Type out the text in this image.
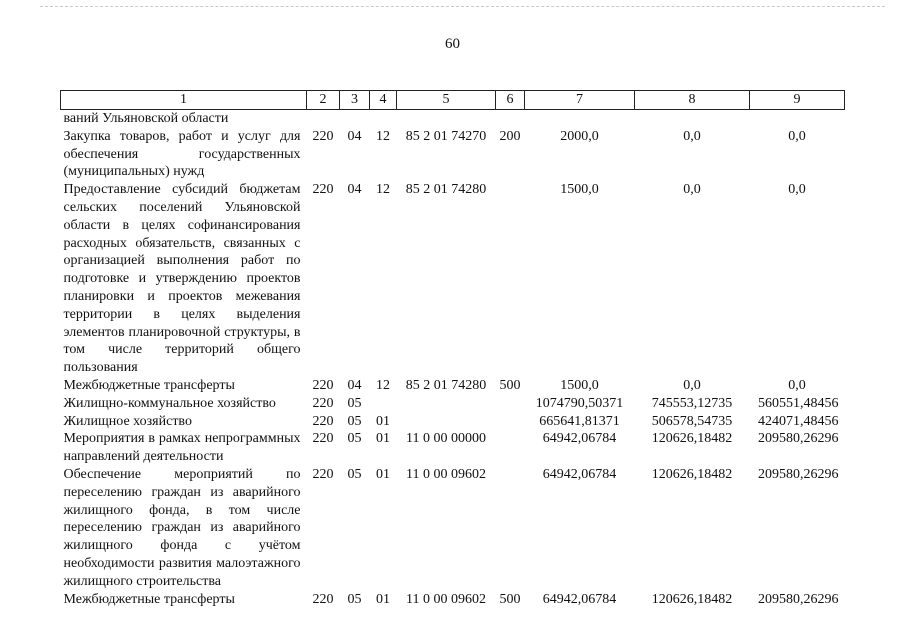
60
1	2	3	4	5	6	7	8	9
ваний Ульяновской области								
Закупка товаров, работ и услуг для обеспечения государственных (муниципальных) нужд	220	04	12	85 2 01 74270	200	2000,0	0,0	0,0
Предоставление субсидий бюджетам сельских поселений Ульяновской области в целях софинансирования расходных обязательств, связанных с организацией выполнения работ по подготовке и утверждению проектов планировки и проектов межевания территории в целях выделения элементов планировочной структуры, в том числе территорий общего пользования	220	04	12	85 2 01 74280		1500,0	0,0	0,0
Межбюджетные трансферты	220	04	12	85 2 01 74280	500	1500,0	0,0	0,0
Жилищно-коммунальное хозяйство	220	05				1074790,50371	745553,12735	560551,48456
Жилищное хозяйство	220	05	01			665641,81371	506578,54735	424071,48456
Мероприятия в рамках непрограммных направлений деятельности	220	05	01	11 0 00 00000		64942,06784	120626,18482	209580,26296
Обеспечение мероприятий по переселению граждан из аварийного жилищного фонда, в том числе переселению граждан из аварийного жилищного фонда с учётом необходимости развития малоэтажного жилищного строительства	220	05	01	11 0 00 09602		64942,06784	120626,18482	209580,26296
Межбюджетные трансферты	220	05	01	11 0 00 09602	500	64942,06784	120626,18482	209580,26296
